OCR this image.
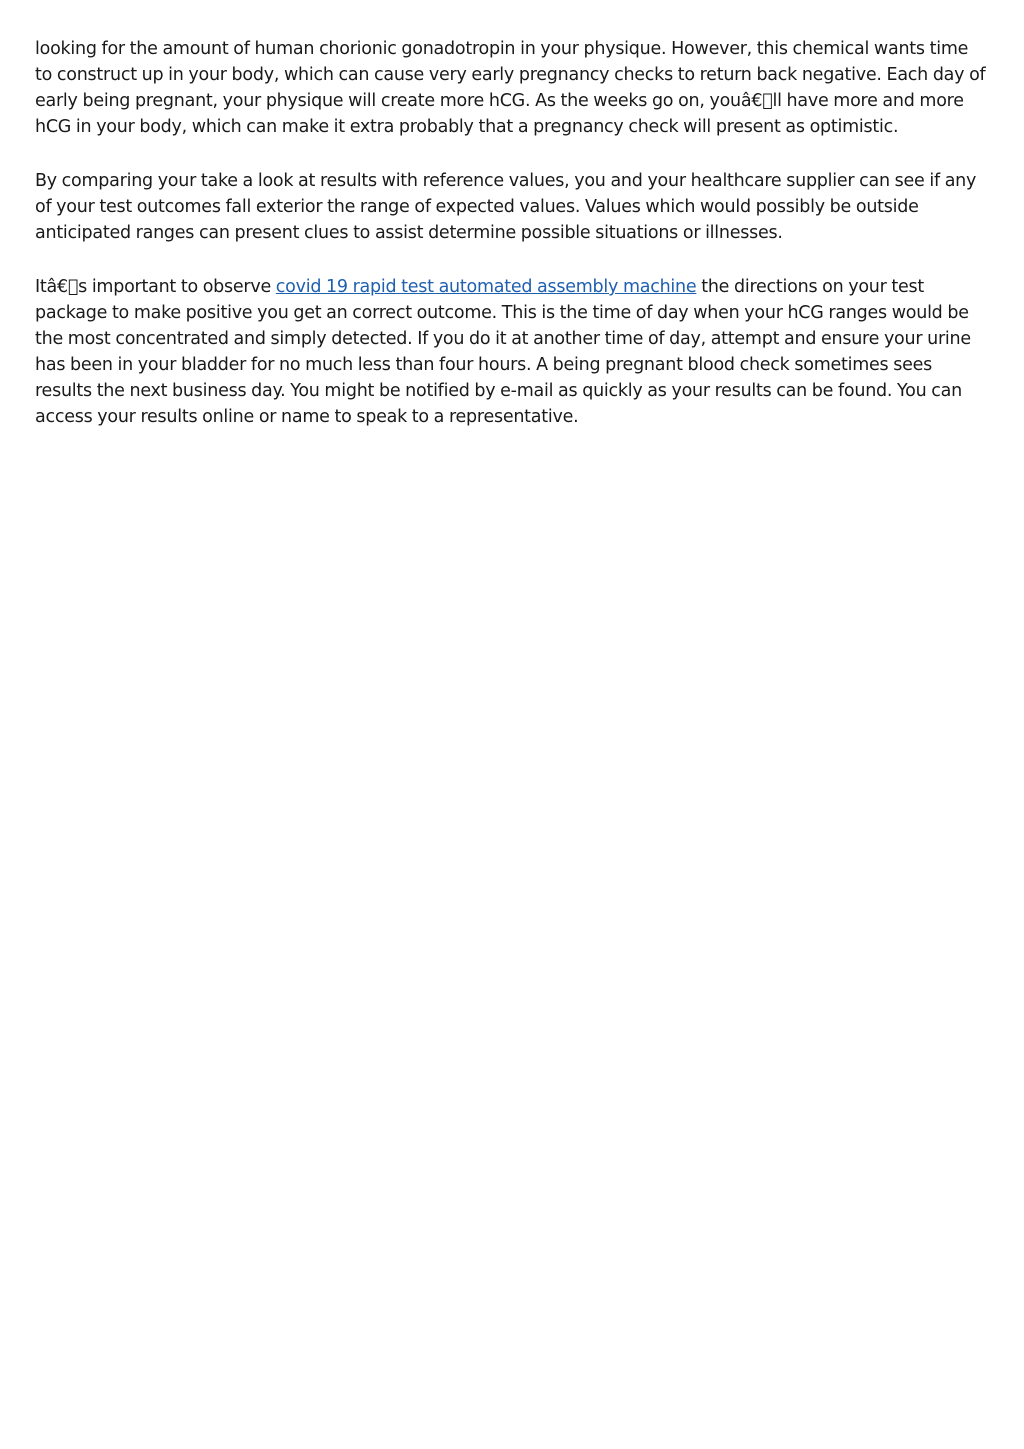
looking for the amount of human chorionic gonadotropin in your physique. However, this chemical wants time to construct up in your body, which can cause very early pregnancy checks to return back negative. Each day of early being pregnant, your physique will create more hCG. As the weeks go on, youâ€ ll have more and more hCG in your body, which can make it extra probably that a pregnancy check will present as optimistic.

By comparing your take a look at results with reference values, you and your healthcare supplier can see if any of your test outcomes fall exterior the range of expected values. Values which would possibly be outside anticipated ranges can present clues to assist determine possible situations or illnesses.

Itâ€ s important to observe covid 19 rapid test automated assembly machine the directions on your test package to make positive you get an correct outcome. This is the time of day when your hCG ranges would be the most concentrated and simply detected. If you do it at another time of day, attempt and ensure your urine has been in your bladder for no much less than four hours. A being pregnant blood check sometimes sees results the next business day. You might be notified by e-mail as quickly as your results can be found. You can access your results online or name to speak to a representative.
